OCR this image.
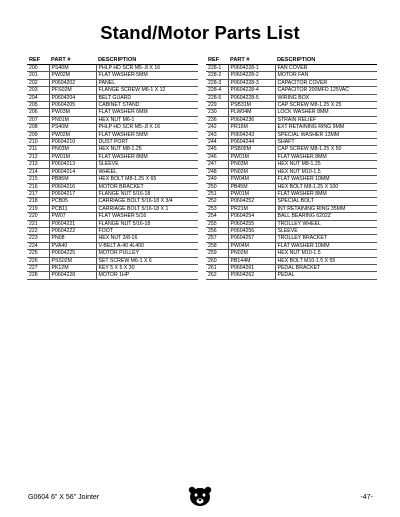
Stand/Motor Parts List
REF	PART #	DESCRIPTION
200	PS40M	PHLP HD SCR M5-.8 X 16
201	PW02M	FLAT WASHER 5MM
202	P0604202	PANEL
203	PFS02M	FLANGE SCREW M6-1 X 12
204	P0604204	BELT GUARD
205	P0604205	CABINET STAND
206	PW03M	FLAT WASHER 6MM
207	PN01M	HEX NUT M6-1
208	PS40M	PHLP HD SCR M5-.8 X 16
209	PW02M	FLAT WASHER 5MM
210	P0604210	DUST PORT
211	PN03M	HEX NUT M8-1.25
212	PW01M	FLAT WASHER 8MM
213	P0604213	SLEEVE
214	P0604214	WHEEL
215	PB86M	HEX BOLT M8-1.25 X 65
216	P0604216	MOTOR BRACKET
217	P0604217	FLANGE NUT 5/16-18
218	PCB05	CARRIAGE BOLT 5/16-18 X 3/4
219	PCB11	CARRIAGE BOLT 5/16-18 X 1
220	PW07	FLAT WASHER 5/16
221	P0604221	FLANGE NUT 5/16-18
222	P0604222	FOOT
223	PN08	HEX NUT 3/8-16
224	PVA40	V-BELT A-40 4L400
225	P0604225	MOTOR PULLEY
226	PSS02M	SET SCREW M6-1 X 6
227	PK12M	KEY 5 X 5 X 30
228	P0604228	MOTOR 1HP
REF	PART #	DESCRIPTION
228-1	P0604228-1	FAN COVER
228-2	P0604228-2	MOTOR FAN
228-3	P0604228-3	CAPACITOR COVER
228-4	P0604228-4	CAPACITOR 200MFD 125VAC
228-5	P0604228-5	WIRING BOX
229	PSB31M	CAP SCREW M8-1.25 X 25
230	PLW04M	LOCK WASHER 8MM
236	P0604236	STRAIN RELIEF
242	PR16M	EXT RETAINING RING 9MM
243	P0604243	SPECIAL WASHER 13MM
244	P0604244	SHAFT
245	PSB05M	CAP SCREW M8-1.25 X 50
246	PW01M	FLAT WASHER 8MM
247	PN03M	HEX NUT M8-1.25
248	PN02M	HEX NUT M10-1.5
249	PW04M	FLAT WASHER 10MM
250	PB45M	HEX BOLT M8-1.25 X 100
251	PW01M	FLAT WASHER 8MM
252	P0604252	SPECIAL BOLT
253	PR21M	INT RETAINING RING 35MM
254	P0604254	BALL BEARING 6202Z
255	P0604255	TROLLEY WHEEL
256	P0604256	SLEEVE
257	P0604257	TROLLEY BRACKET
258	PW04M	FLAT WASHER 10MM
259	PN02M	HEX NUT M10-1.5
260	PB144M	HEX BOLT M10-1.5 X 55
261	P0604261	PEDAL BRACKET
262	P0604262	PEDAL
G0604 6" X 56" Jointer	-47-
